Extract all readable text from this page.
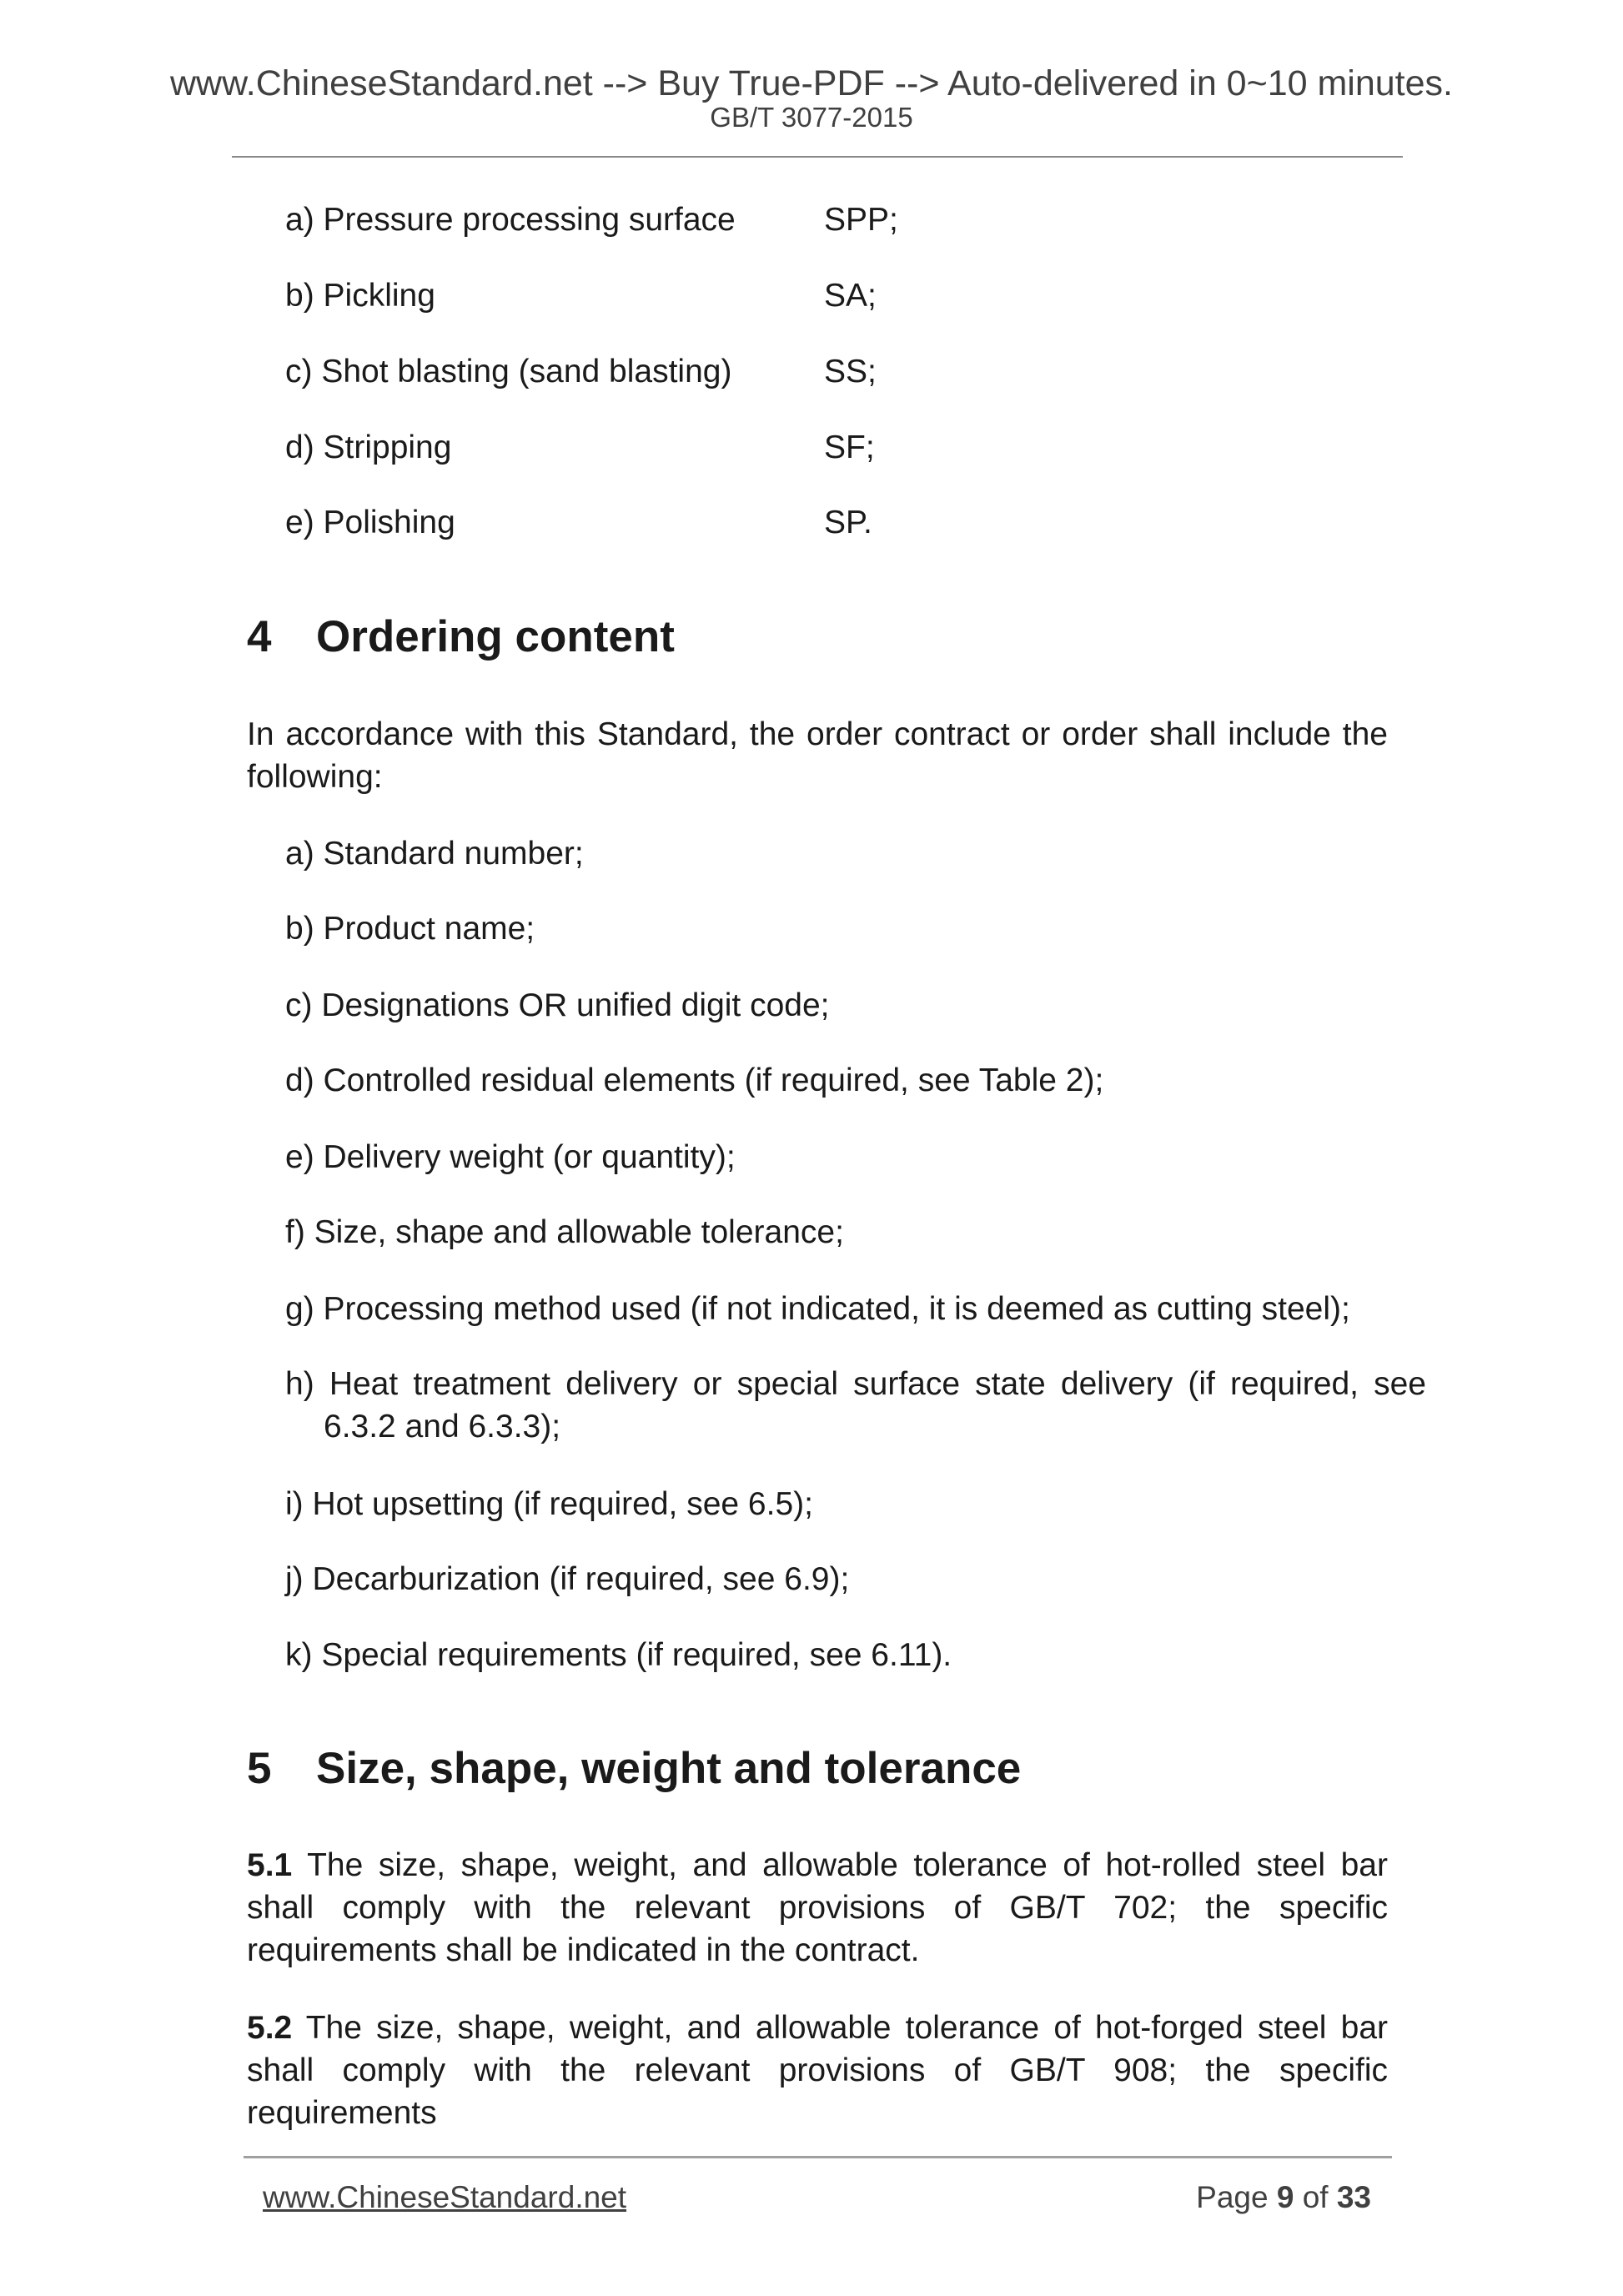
www.ChineseStandard.net --> Buy True-PDF --> Auto-delivered in 0~10 minutes.
GB/T 3077-2015
a) Pressure processing surface	SPP;
b) Pickling	SA;
c) Shot blasting (sand blasting)	SS;
d) Stripping	SF;
e) Polishing	SP.
4 Ordering content
In accordance with this Standard, the order contract or order shall include the following:
a) Standard number;
b) Product name;
c) Designations OR unified digit code;
d) Controlled residual elements (if required, see Table 2);
e) Delivery weight (or quantity);
f) Size, shape and allowable tolerance;
g) Processing method used (if not indicated, it is deemed as cutting steel);
h) Heat treatment delivery or special surface state delivery (if required, see 6.3.2 and 6.3.3);
i) Hot upsetting (if required, see 6.5);
j) Decarburization (if required, see 6.9);
k) Special requirements (if required, see 6.11).
5 Size, shape, weight and tolerance
5.1 The size, shape, weight, and allowable tolerance of hot-rolled steel bar shall comply with the relevant provisions of GB/T 702; the specific requirements shall be indicated in the contract.
5.2 The size, shape, weight, and allowable tolerance of hot-forged steel bar shall comply with the relevant provisions of GB/T 908; the specific requirements
www.ChineseStandard.net	Page 9 of 33
